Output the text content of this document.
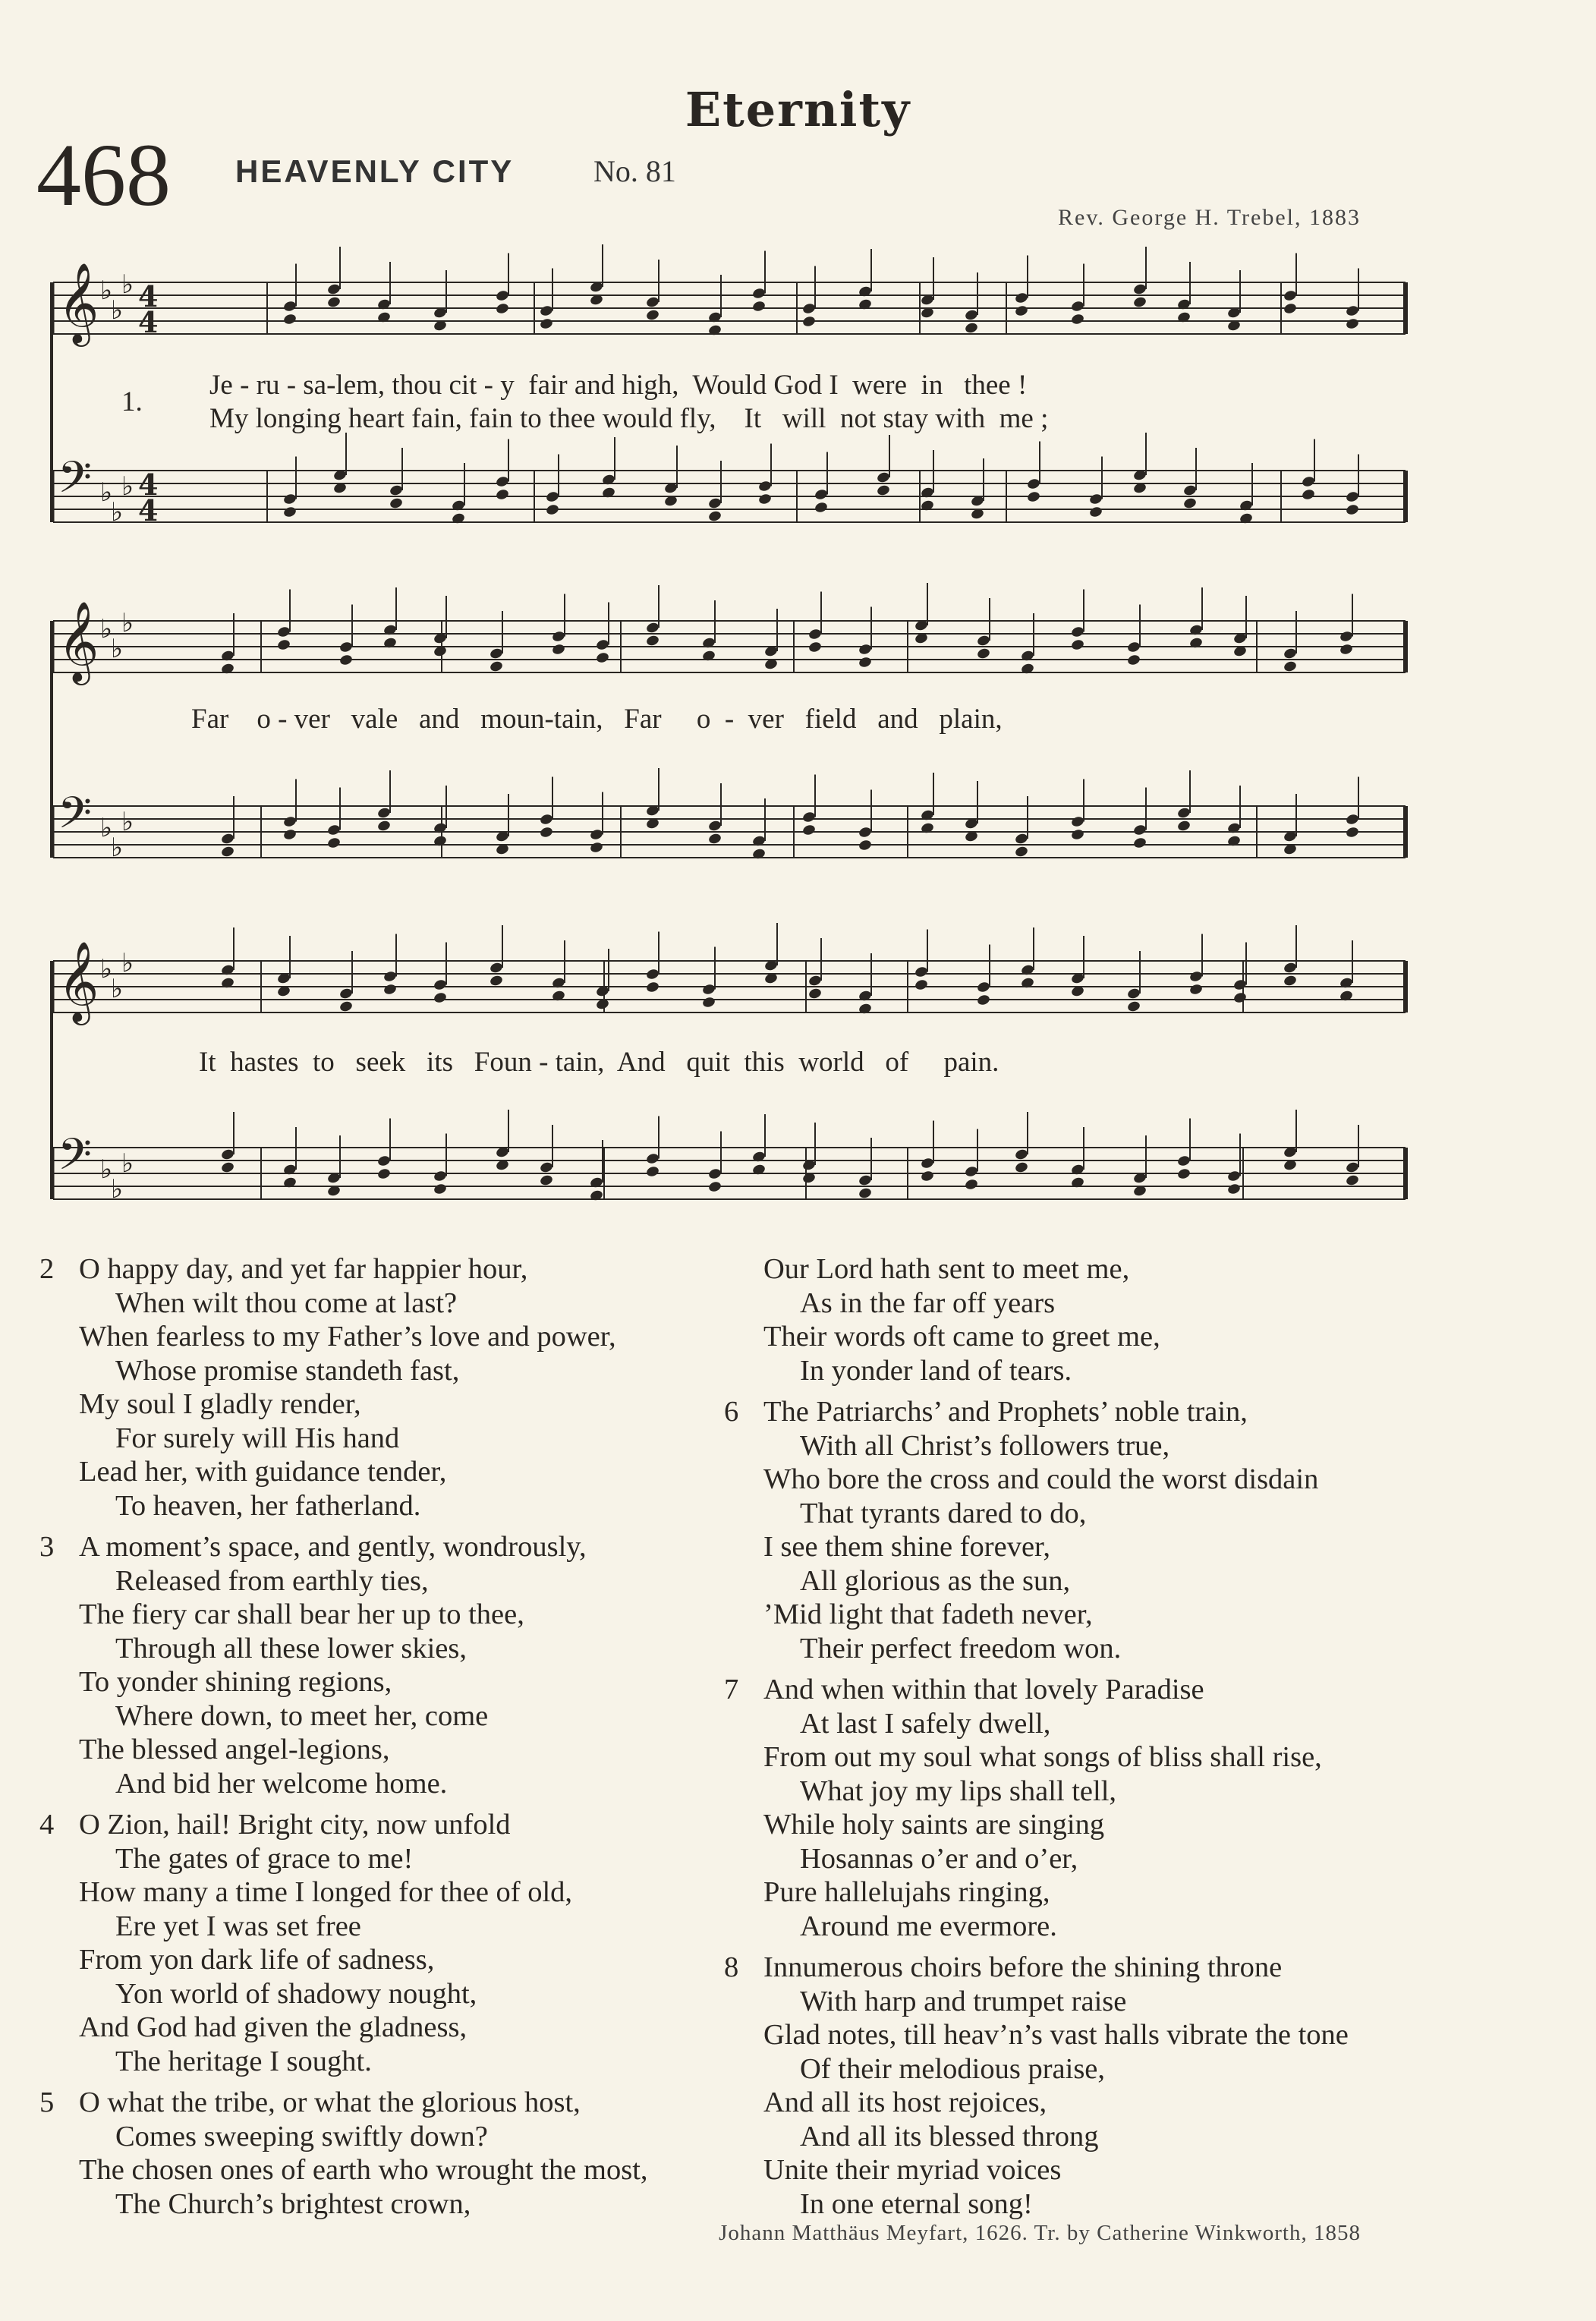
Eternity
468 HEAVENLY CITY	No. 81
Rev. George H. Trebel, 1883
𝄞 ♭
♭
♭ 4
4
𝄢 ♭
♭
♭ 4
4
𝄞 ♭
♭
♭
𝄢 ♭
♭
♭
𝄞 ♭
♭
♭
𝄢 ♭
♭
♭
Je - ru - sa-lem, thou cit - y  fair and high,  Would God I  were  in   thee !
My longing heart fain, fain to thee would fly,    It   will  not stay with  me ;
1.
Far    o - ver   vale   and   moun-tain,   Far     o  -  ver   field   and   plain,
It  hastes  to   seek   its   Foun - tain,  And   quit  this  world   of     pain.
2 O happy day, and yet far happier hour,
When wilt thou come at last?
When fearless to my Father’s love and power,
Whose promise standeth fast,
My soul I gladly render,
For surely will His hand
Lead her, with guidance tender,
To heaven, her fatherland.
3 A moment’s space, and gently, wondrously,
Released from earthly ties,
The fiery car shall bear her up to thee,
Through all these lower skies,
To yonder shining regions,
Where down, to meet her, come
The blessed angel-legions,
And bid her welcome home.
4 O Zion, hail! Bright city, now unfold
The gates of grace to me!
How many a time I longed for thee of old,
Ere yet I was set free
From yon dark life of sadness,
Yon world of shadowy nought,
And God had given the gladness,
The heritage I sought.
5 O what the tribe, or what the glorious host,
Comes sweeping swiftly down?
The chosen ones of earth who wrought the most,
The Church’s brightest crown,
Our Lord hath sent to meet me,
As in the far off years
Their words oft came to greet me,
In yonder land of tears.
6 The Patriarchs’ and Prophets’ noble train,
With all Christ’s followers true,
Who bore the cross and could the worst disdain
That tyrants dared to do,
I see them shine forever,
All glorious as the sun,
’Mid light that fadeth never,
Their perfect freedom won.
7 And when within that lovely Paradise
At last I safely dwell,
From out my soul what songs of bliss shall rise,
What joy my lips shall tell,
While holy saints are singing
Hosannas o’er and o’er,
Pure hallelujahs ringing,
Around me evermore.
8 Innumerous choirs before the shining throne
With harp and trumpet raise
Glad notes, till heav’n’s vast halls vibrate the tone
Of their melodious praise,
And all its host rejoices,
And all its blessed throng
Unite their myriad voices
In one eternal song!
Johann Matthäus Meyfart, 1626. Tr. by Catherine Winkworth, 1858
